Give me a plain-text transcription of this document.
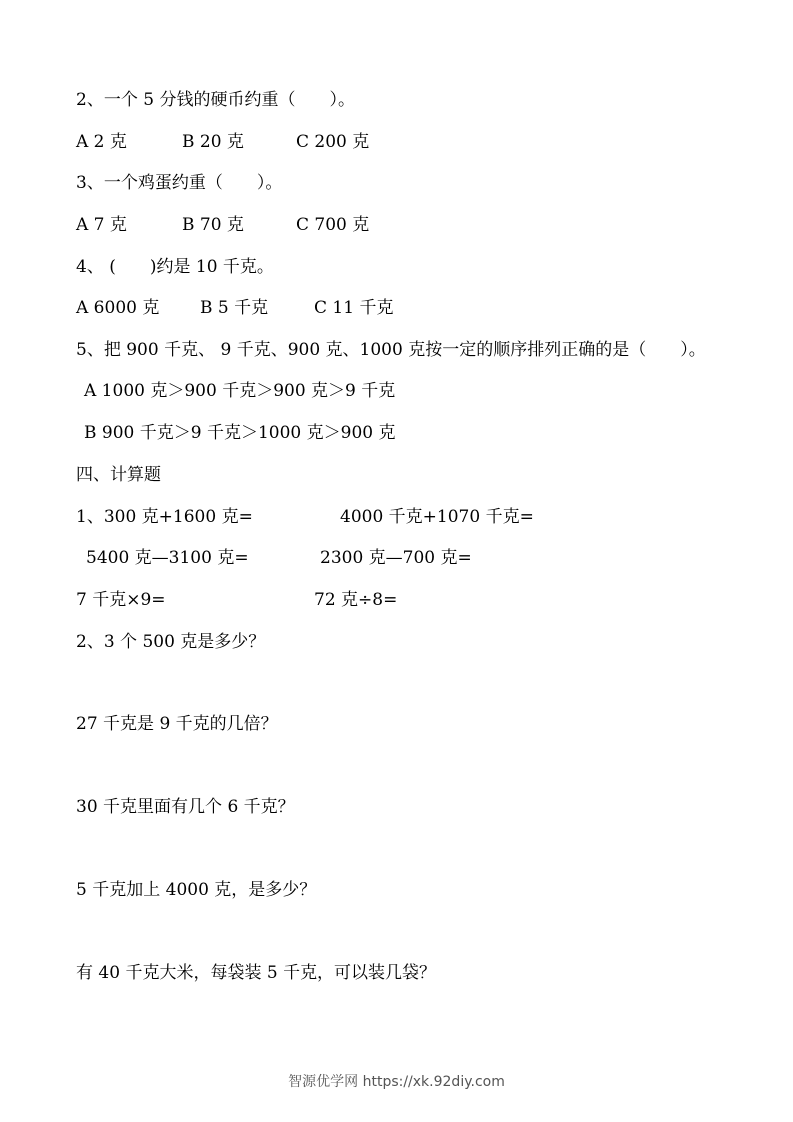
2、一个 5 分钱的硬币约重（　　）。
A 2 克	B 20 克	C 200 克
3、一个鸡蛋约重（　　）。
A 7 克	B 70 克	C 700 克
4、 (　　)约是 10 千克。
A 6000 克 B 5 千克	C 11 千克
5、把 900 千克、 9 千克、900 克、1000 克按一定的顺序排列正确的是（　　）。
A 1000 克＞900 千克＞900 克＞9 千克
B 900 千克＞9 千克＞1000 克＞900 克
四、计算题
1、300 克+1600 克=	4000 千克+1070 千克=
5400 克—3100 克=	2300 克—700 克=
7 千克×9=	72 克÷8=
2、3 个 500 克是多少？
27 千克是 9 千克的几倍？
30 千克里面有几个 6 千克？
5 千克加上 4000 克，是多少？
有 40 千克大米，每袋装 5 千克，可以装几袋？
智源优学网 https://xk.92diy.com
